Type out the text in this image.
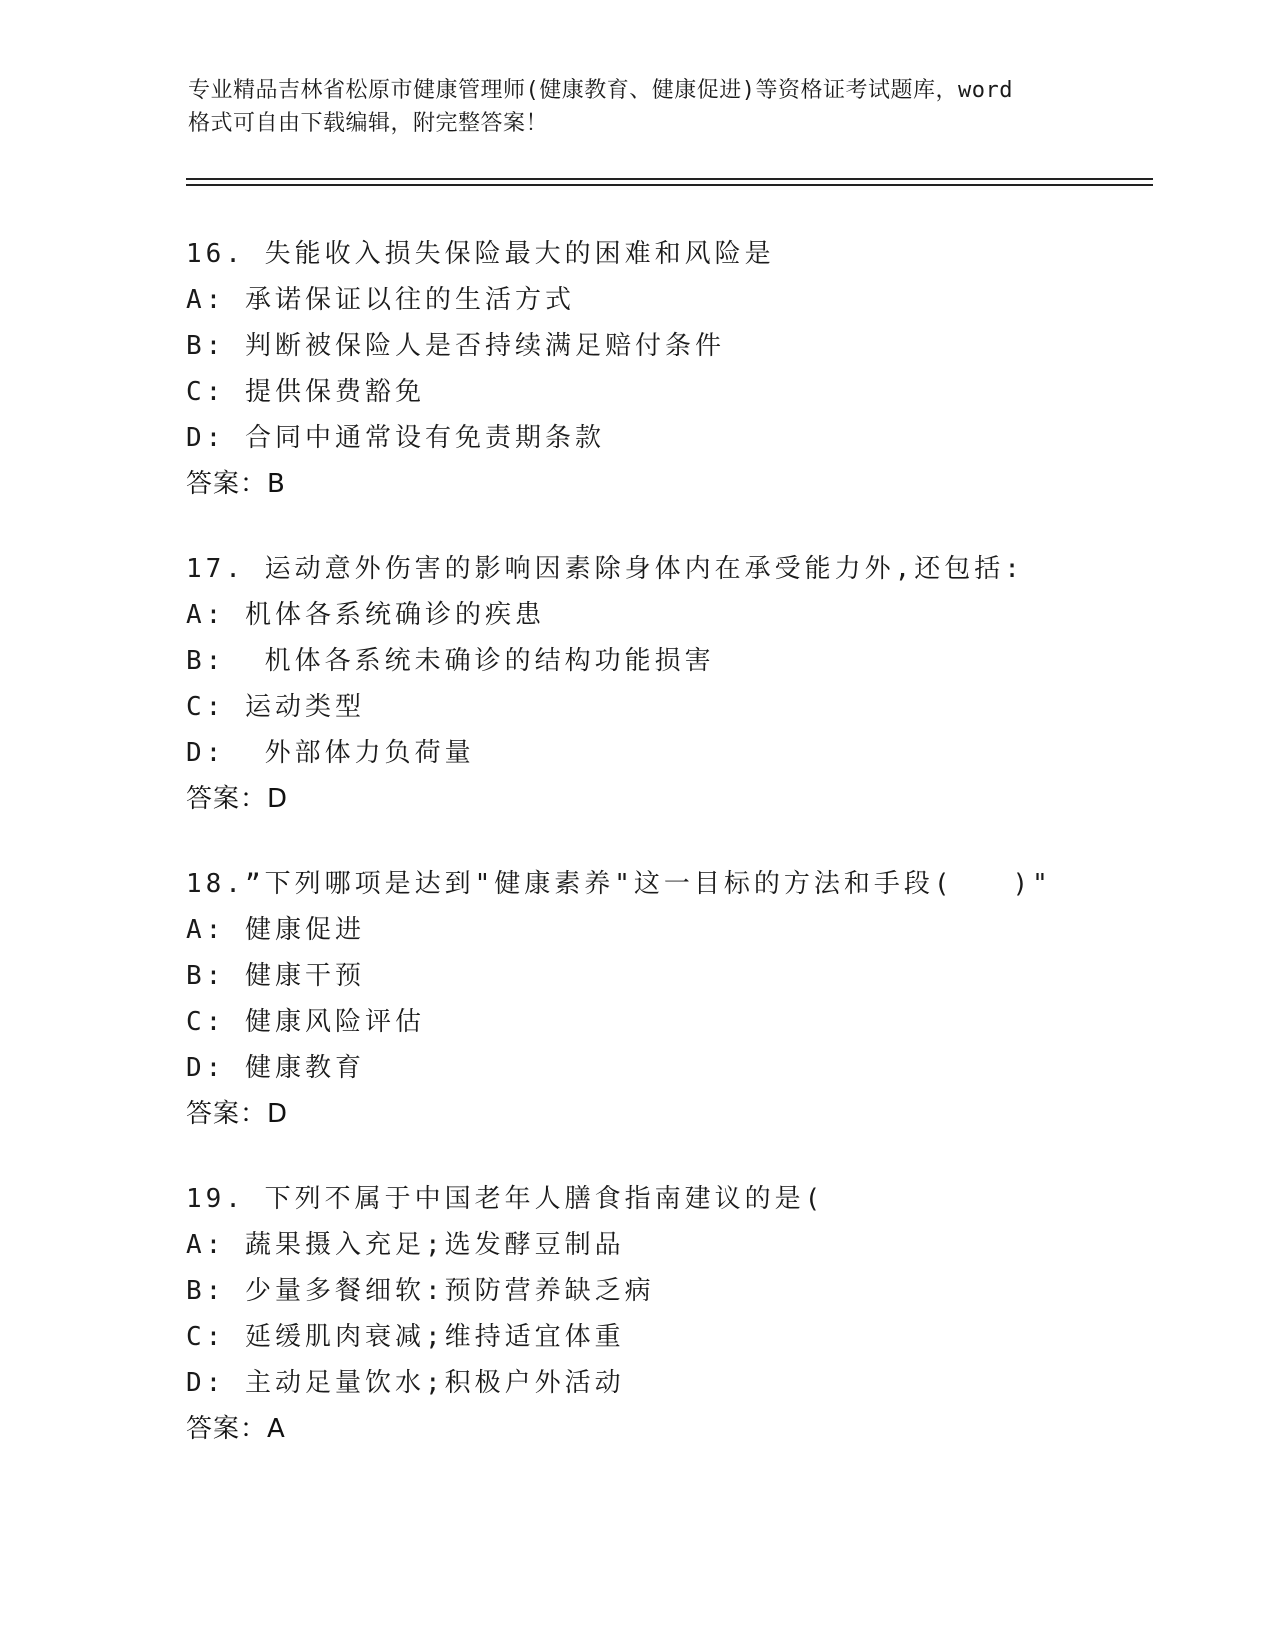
专业精品吉林省松原市健康管理师(健康教育、健康促进)等资格证考试题库，word
格式可自由下载编辑，附完整答案！
16. 失能收入损失保险最大的困难和风险是
A: 承诺保证以往的生活方式
B: 判断被保险人是否持续满足赔付条件
C: 提供保费豁免
D: 合同中通常设有免责期条款
答案：B
17. 运动意外伤害的影响因素除身体内在承受能力外,还包括:
A: 机体各系统确诊的疾患
B:  机体各系统未确诊的结构功能损害
C: 运动类型
D:  外部体力负荷量
答案：D
18.”下列哪项是达到"健康素养"这一目标的方法和手段(   )"
A: 健康促进
B: 健康干预
C: 健康风险评估
D: 健康教育
答案：D
19. 下列不属于中国老年人膳食指南建议的是(
A: 蔬果摄入充足;选发酵豆制品
B: 少量多餐细软:预防营养缺乏病
C: 延缓肌肉衰减;维持适宜体重
D: 主动足量饮水;积极户外活动
答案：A
